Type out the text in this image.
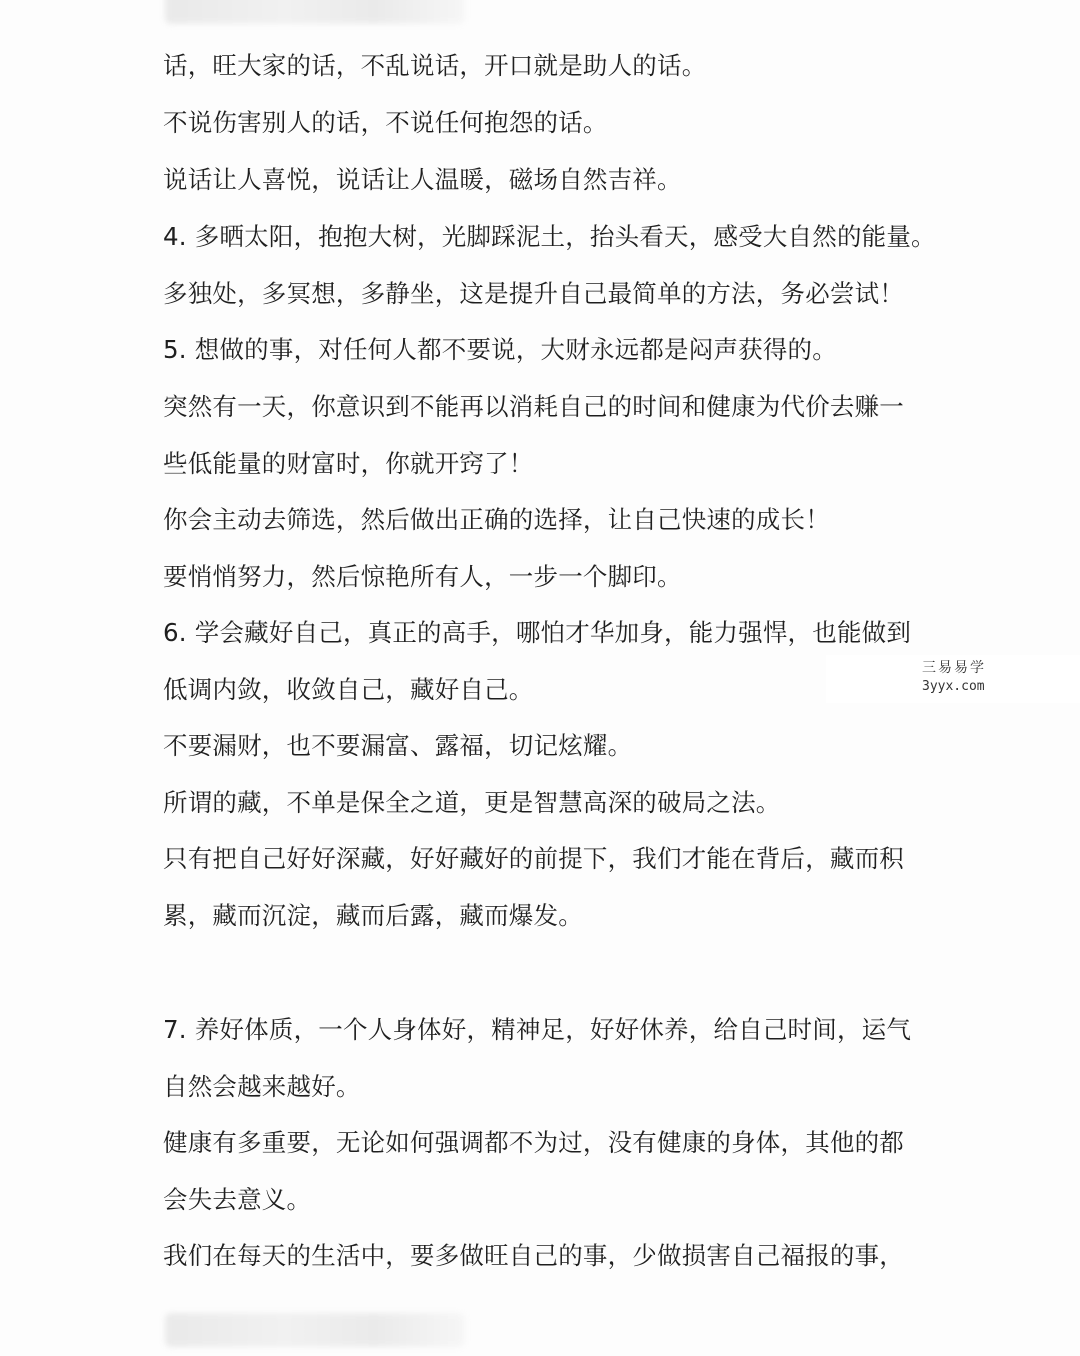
话，旺大家的话，不乱说话，开口就是助人的话。

不说伤害别人的话，不说任何抱怨的话。

说话让人喜悦，说话让人温暖，磁场自然吉祥。

4. 多晒太阳，抱抱大树，光脚踩泥土，抬头看天，感受大自然的能量。

多独处，多冥想，多静坐，这是提升自己最简单的方法，务必尝试！

5. 想做的事，对任何人都不要说，大财永远都是闷声获得的。

突然有一天，你意识到不能再以消耗自己的时间和健康为代价去赚一

些低能量的财富时，你就开窍了！

你会主动去筛选，然后做出正确的选择，让自己快速的成长！

要悄悄努力，然后惊艳所有人，一步一个脚印。

6. 学会藏好自己，真正的高手，哪怕才华加身，能力强悍，也能做到

低调内敛，收敛自己，藏好自己。

不要漏财，也不要漏富、露福，切记炫耀。

所谓的藏，不单是保全之道，更是智慧高深的破局之法。

只有把自己好好深藏，好好藏好的前提下，我们才能在背后，藏而积

累，藏而沉淀，藏而后露，藏而爆发。

7. 养好体质，一个人身体好，精神足，好好休养，给自己时间，运气

自然会越来越好。

健康有多重要，无论如何强调都不为过，没有健康的身体，其他的都

会失去意义。

我们在每天的生活中，要多做旺自己的事，少做损害自己福报的事，

三易易学
3yyx.com
